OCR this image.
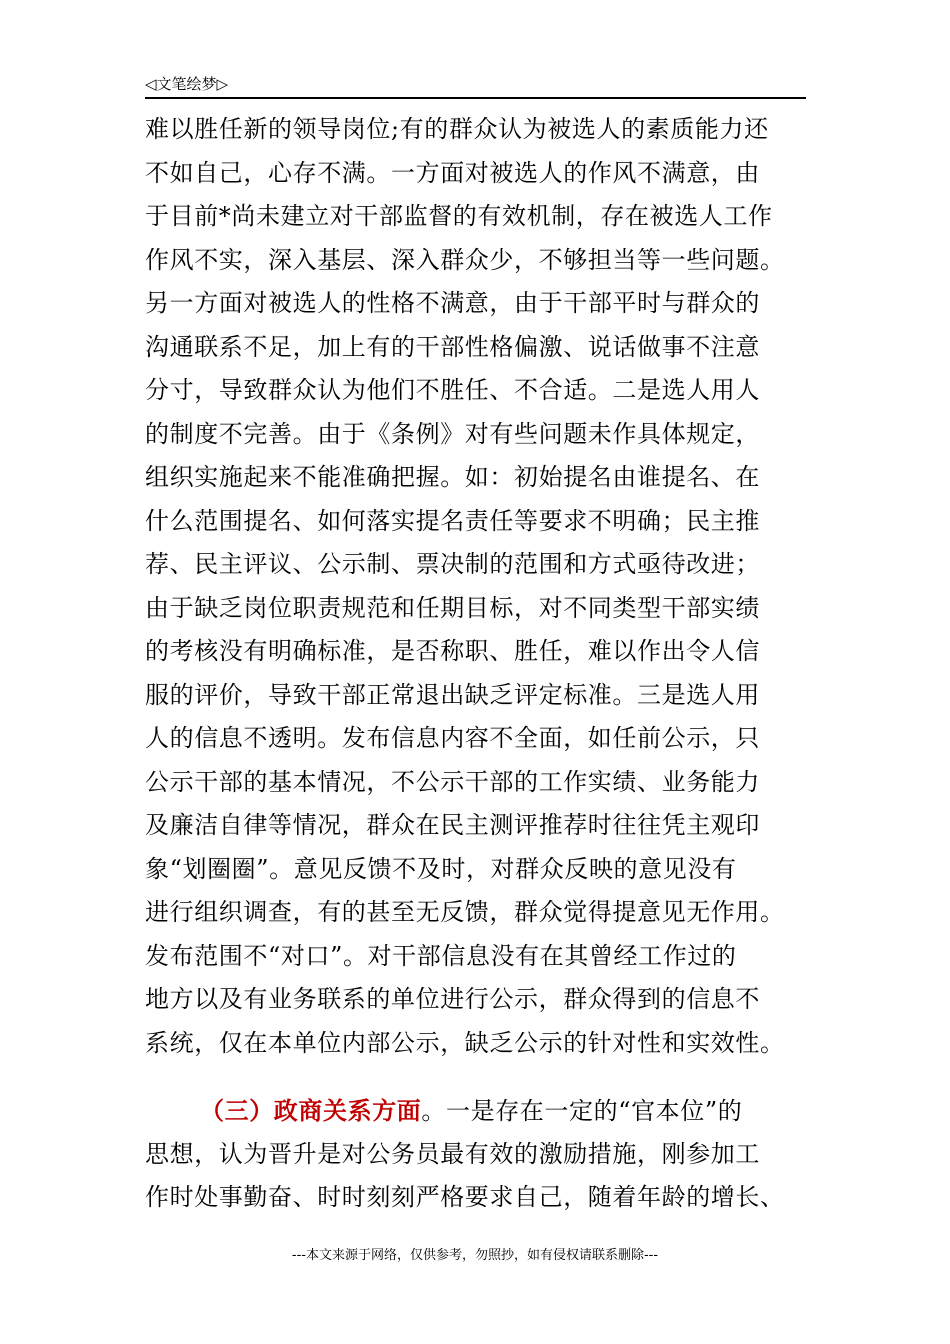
◁文笔绘梦▷
难以胜任新的领导岗位;有的群众认为被选人的素质能力还
不如自己，心存不满。一方面对被选人的作风不满意，由
于目前*尚未建立对干部监督的有效机制，存在被选人工作
作风不实，深入基层、深入群众少，不够担当等一些问题。
另一方面对被选人的性格不满意，由于干部平时与群众的
沟通联系不足，加上有的干部性格偏激、说话做事不注意
分寸，导致群众认为他们不胜任、不合适。二是选人用人
的制度不完善。由于《条例》对有些问题未作具体规定，
组织实施起来不能准确把握。如：初始提名由谁提名、在
什么范围提名、如何落实提名责任等要求不明确；民主推
荐、民主评议、公示制、票决制的范围和方式亟待改进；
由于缺乏岗位职责规范和任期目标，对不同类型干部实绩
的考核没有明确标准，是否称职、胜任，难以作出令人信
服的评价，导致干部正常退出缺乏评定标准。三是选人用
人的信息不透明。发布信息内容不全面，如任前公示，只
公示干部的基本情况，不公示干部的工作实绩、业务能力
及廉洁自律等情况，群众在民主测评推荐时往往凭主观印
象“划圈圈”。意见反馈不及时，对群众反映的意见没有
进行组织调查，有的甚至无反馈，群众觉得提意见无作用。
发布范围不“对口”。对干部信息没有在其曾经工作过的
地方以及有业务联系的单位进行公示，群众得到的信息不
系统，仅在本单位内部公示，缺乏公示的针对性和实效性。
（三）政商关系方面。一是存在一定的“官本位”的
思想，认为晋升是对公务员最有效的激励措施，刚参加工
作时处事勤奋、时时刻刻严格要求自己，随着年龄的增长、
---本文来源于网络，仅供参考，勿照抄，如有侵权请联系删除---
